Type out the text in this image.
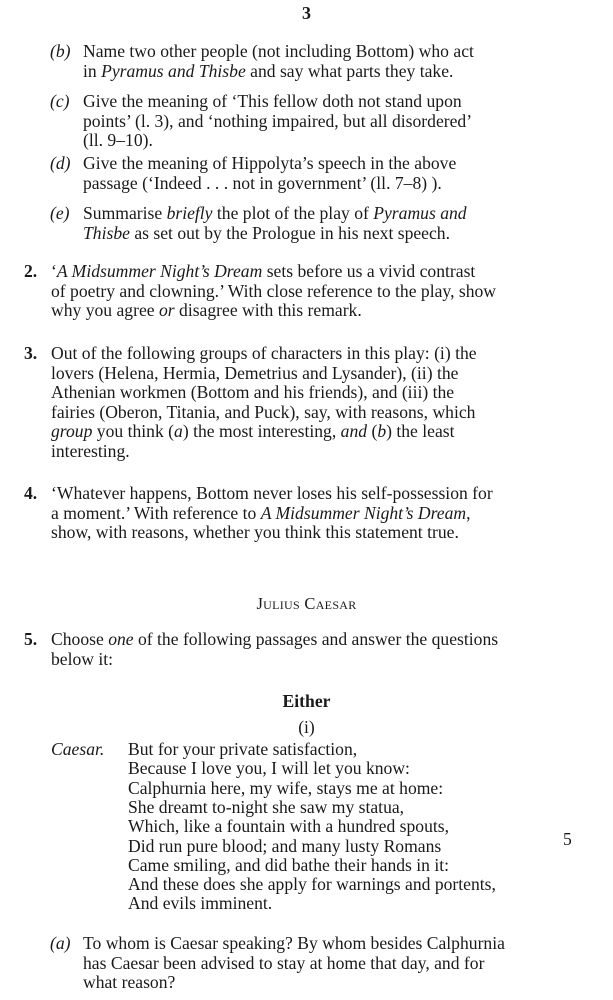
3
(b) Name two other people (not including Bottom) who act
in Pyramus and Thisbe and say what parts they take.
(c) Give the meaning of ‘This fellow doth not stand upon
points’ (l. 3), and ‘nothing impaired, but all disordered’
(ll. 9–10).
(d) Give the meaning of Hippolyta’s speech in the above
passage (‘Indeed . . . not in government’ (ll. 7–8) ).
(e) Summarise briefly the plot of the play of Pyramus and
Thisbe as set out by the Prologue in his next speech.
2. ‘A Midsummer Night’s Dream sets before us a vivid contrast
of poetry and clowning.’ With close reference to the play, show
why you agree or disagree with this remark.
3. Out of the following groups of characters in this play: (i) the
lovers (Helena, Hermia, Demetrius and Lysander), (ii) the
Athenian workmen (Bottom and his friends), and (iii) the
fairies (Oberon, Titania, and Puck), say, with reasons, which
group you think (a) the most interesting, and (b) the least
interesting.
4. ‘Whatever happens, Bottom never loses his self-possession for
a moment.’ With reference to A Midsummer Night’s Dream,
show, with reasons, whether you think this statement true.
Julius Caesar
5. Choose one of the following passages and answer the questions
below it:
Either
(i)
Caesar. But for your private satisfaction,
Because I love you, I will let you know:
Calphurnia here, my wife, stays me at home:
She dreamt to-night she saw my statua,
Which, like a fountain with a hundred spouts,
Did run pure blood; and many lusty Romans
Came smiling, and did bathe their hands in it:
And these does she apply for warnings and portents,
And evils imminent.
5
(a) To whom is Caesar speaking? By whom besides Calphurnia
has Caesar been advised to stay at home that day, and for
what reason?
